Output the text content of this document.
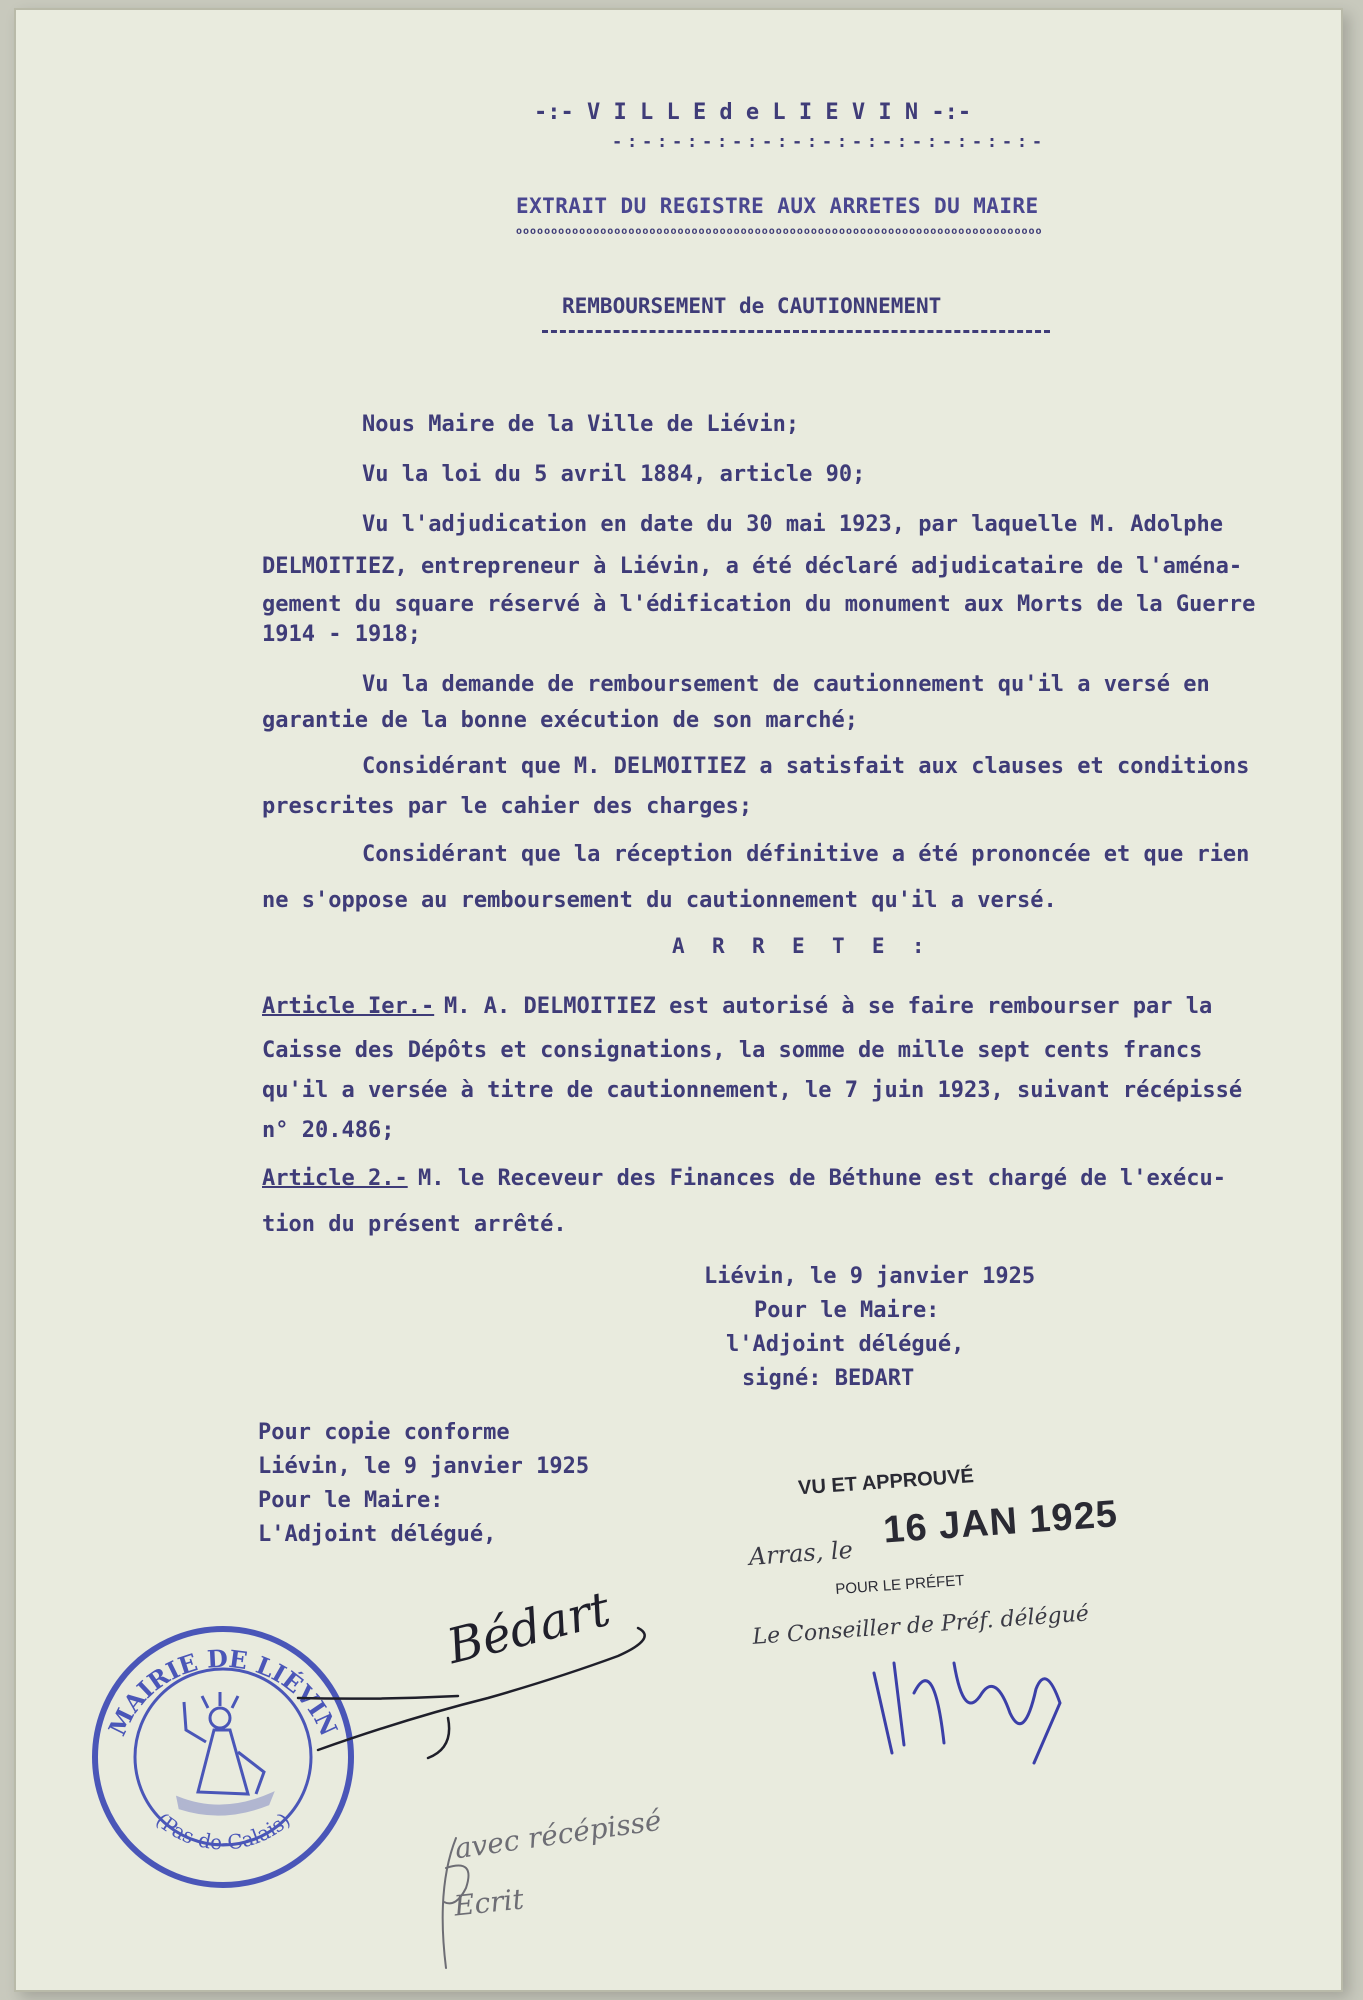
-:- V I L L E d e L I E V I N -:-
-:-:-:-:-:-:-:-:-:-:-:-:-:-:-
EXTRAIT DU REGISTRE AUX ARRETES DU MAIRE
ooooooooooooooooooooooooooooooooooooooooooooooooooooooooooooooooooooooooooo
REMBOURSEMENT de CAUTIONNEMENT
Nous Maire de la Ville de Liévin;
Vu la loi du 5 avril 1884, article 90;
Vu l'adjudication en date du 30 mai 1923, par laquelle M. Adolphe
DELMOITIEZ, entrepreneur à Liévin, a été déclaré adjudicataire de l'aména-
gement du square réservé à l'édification du monument aux Morts de la Guerre
1914 - 1918;
Vu la demande de remboursement de cautionnement qu'il a versé en
garantie de la bonne exécution de son marché;
Considérant que M. DELMOITIEZ a satisfait aux clauses et conditions
prescrites par le cahier des charges;
Considérant que la réception définitive a été prononcée et que rien
ne s'oppose au remboursement du cautionnement qu'il a versé.
A R R E T E :
Article Ier.- M. A. DELMOITIEZ est autorisé à se faire rembourser par la
Caisse des Dépôts et consignations, la somme de mille sept cents francs
qu'il a versée à titre de cautionnement, le 7 juin 1923, suivant récépissé
n° 20.486;
Article 2.- M. le Receveur des Finances de Béthune est chargé de l'exécu-
tion du présent arrêté.
Liévin, le 9 janvier 1925
Pour le Maire:
l'Adjoint délégué,
signé: BEDART
Pour copie conforme
Liévin, le 9 janvier 1925
Pour le Maire:
L'Adjoint délégué,
VU ET APPROUVÉ
Arras, le
16 JAN 1925
POUR LE PRÉFET
Le Conseiller de Préf. délégué
MAIRIE DE LIÉVIN
(Pas-de-Calais)
Bédart
avec récépissé
Ecrit
